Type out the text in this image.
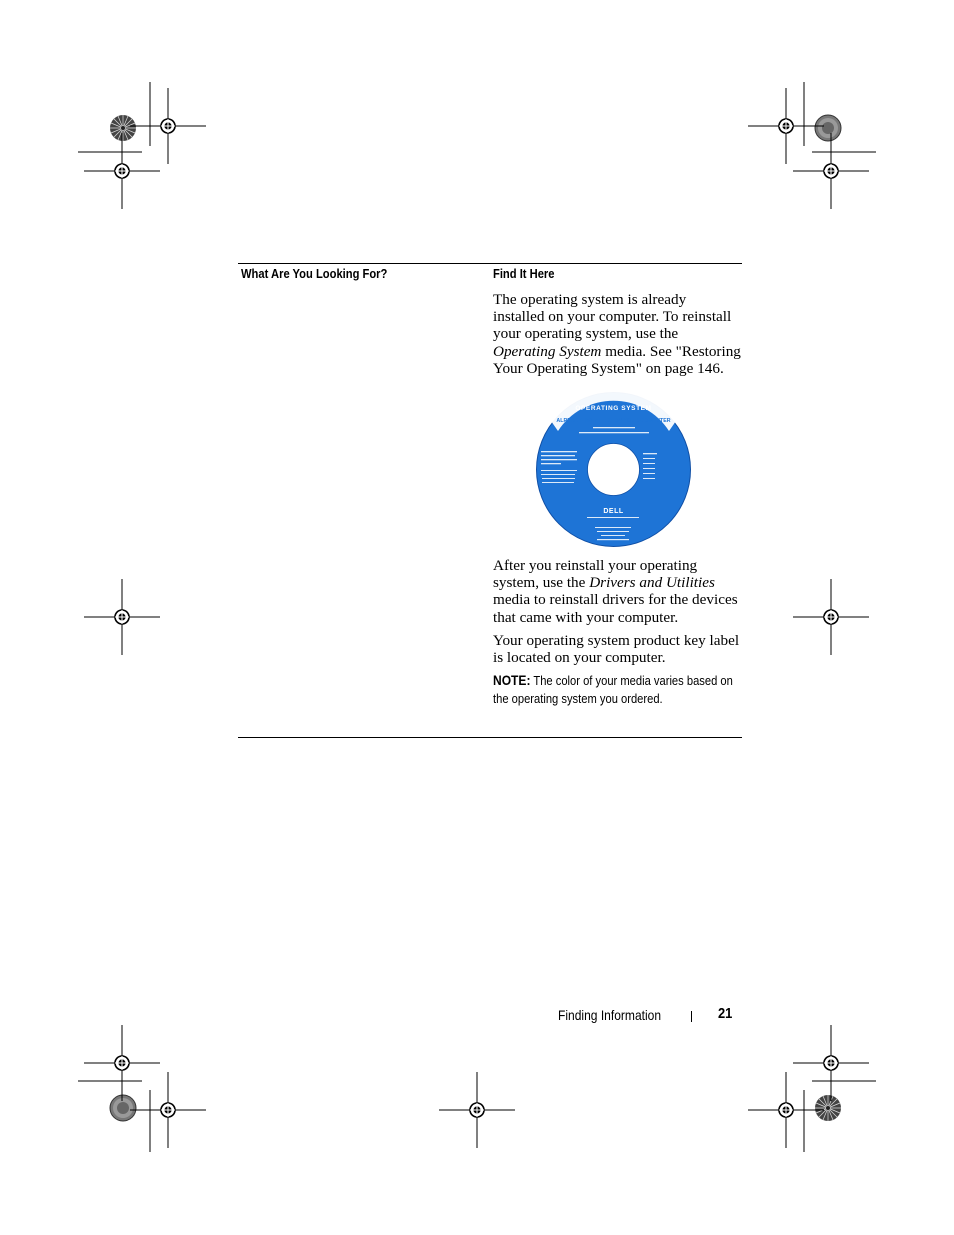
What Are You Looking For?	Find It Here

The operating system is already installed on your computer. To reinstall your operating system, use the Operating System media. See "Restoring Your Operating System" on page 146.

OPERATING SYSTEM
ALREADY INSTALLED ON YOUR COMPUTER
DELL

After you reinstall your operating system, use the Drivers and Utilities media to reinstall drivers for the devices that came with your computer.

Your operating system product key label is located on your computer.

NOTE: The color of your media varies based on the operating system you ordered.

Finding Information	21
